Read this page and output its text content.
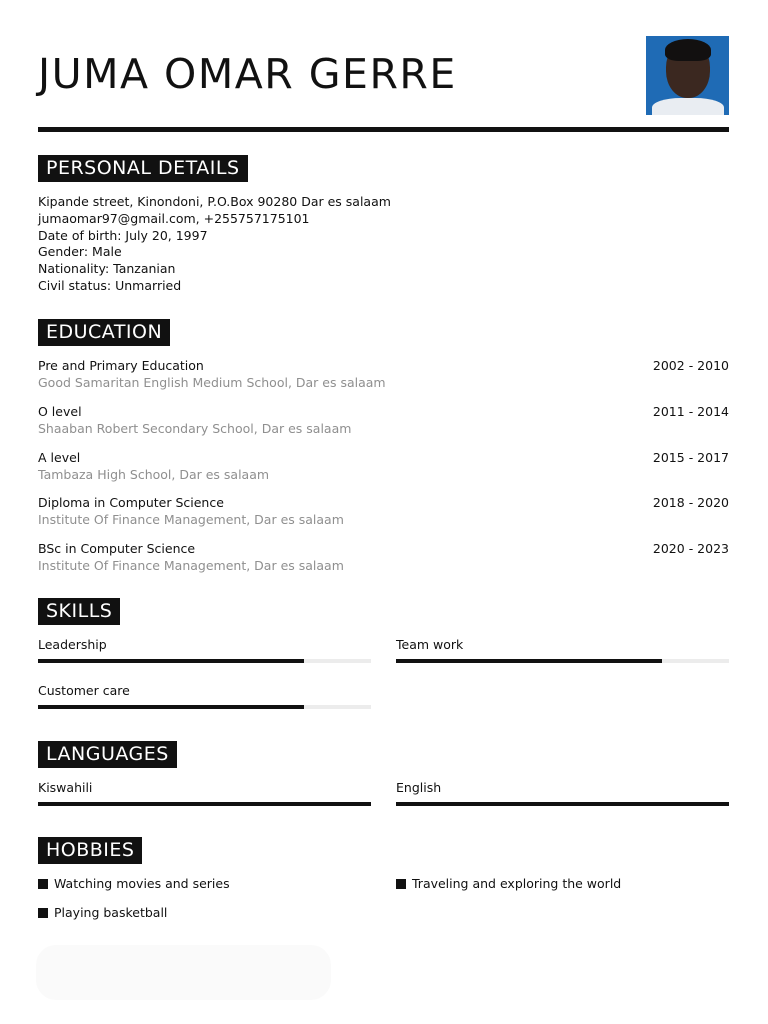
JUMA OMAR GERRE
PERSONAL DETAILS
Kipande street, Kinondoni, P.O.Box 90280 Dar es salaam
jumaomar97@gmail.com, +255757175101
Date of birth: July 20, 1997
Gender: Male
Nationality: Tanzanian
Civil status: Unmarried
EDUCATION
Pre and Primary Education
Good Samaritan English Medium School, Dar es salaam
2002 - 2010
O level
Shaaban Robert Secondary School, Dar es salaam
2011 - 2014
A level
Tambaza High School, Dar es salaam
2015 - 2017
Diploma in Computer Science
Institute Of Finance Management, Dar es salaam
2018 - 2020
BSc in Computer Science
Institute Of Finance Management, Dar es salaam
2020 - 2023
SKILLS
Leadership	Team work
Customer care
LANGUAGES
Kiswahili	English
HOBBIES
Watching movies and series	Traveling and exploring the world
Playing basketball
